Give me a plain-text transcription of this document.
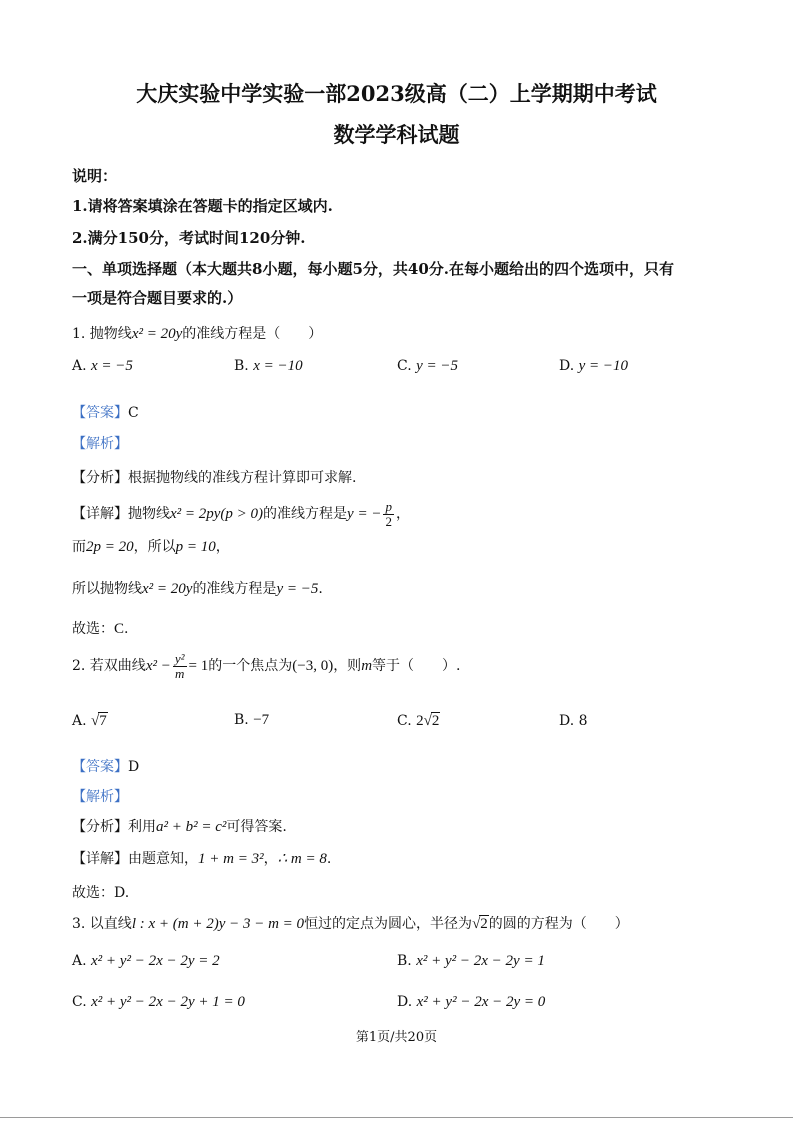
大庆实验中学实验一部2023级高（二）上学期期中考试
数学学科试题
说明：
1.请将答案填涂在答题卡的指定区域内.
2.满分150分，考试时间120分钟.
一、单项选择题（本大题共8小题，每小题5分，共40分.在每小题给出的四个选项中，只有
一项是符合题目要求的.）
1. 抛物线x² = 20y的准线方程是（　　）
A. x = −5	B. x = −10	C. y = −5	D. y = −10
【答案】C
【解析】
【分析】根据抛物线的准线方程计算即可求解.
【详解】抛物线x² = 2py(p > 0)的准线方程是y = − $\frac{p}{2}$ ，
而2p = 20，所以p = 10，
所以抛物线x² = 20y的准线方程是y = −5.
故选：C.
2. 若双曲线$x^2 - \frac{\text{y²}}{m} = 1$的一个焦点为(−3, 0)，则m等于（　　）.
A. √7	B. −7	C. 2√2	D. 8
【答案】D
【解析】
【分析】利用a² + b² = c²可得答案.
【详解】由题意知，1 + m = 3²，∴ m = 8.
故选：D.
3. 以直线l : x + (m + 2)y − 3 − m = 0恒过的定点为圆心，半径为√2的圆的方程为（　　）
A. x² + y² − 2x − 2y = 2	B. x² + y² − 2x − 2y = 1
C. x² + y² − 2x − 2y + 1 = 0	D. x² + y² − 2x − 2y = 0
第1页/共20页
